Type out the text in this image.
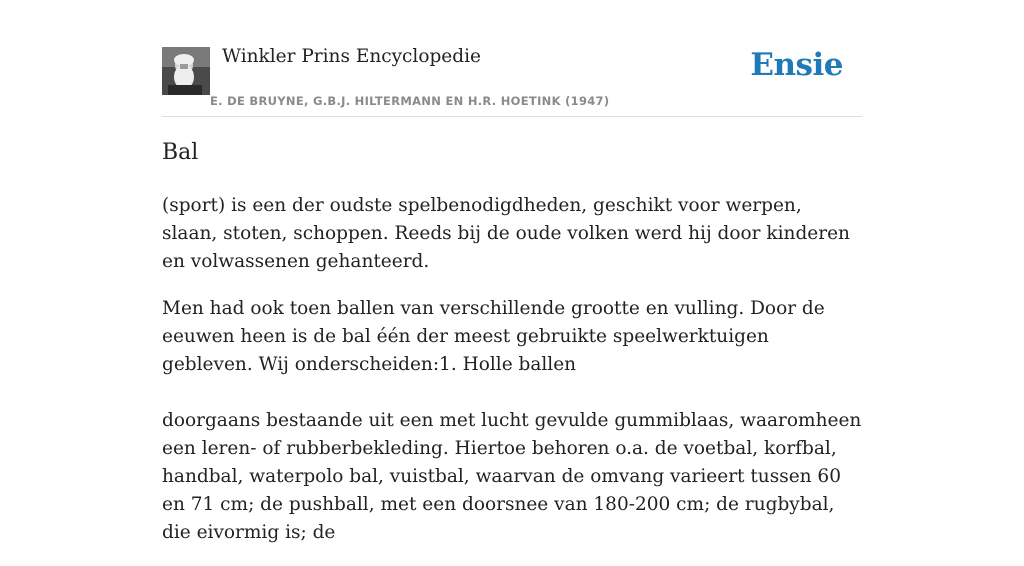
Winkler Prins Encyclopedie
E. DE BRUYNE, G.B.J. HILTERMANN EN H.R. HOETINK (1947)
Ensie
Bal

(sport) is een der oudste spelbenodigdheden, geschikt voor werpen, slaan, stoten, schoppen. Reeds bij de oude volken werd hij door kinderen en volwassenen gehanteerd.

Men had ook toen ballen van verschillende grootte en vulling. Door de eeuwen heen is de bal één der meest gebruikte speelwerktuigen gebleven. Wij onderscheiden:1. Holle ballen

doorgaans bestaande uit een met lucht gevulde gummiblaas, waaromheen een leren- of rubberbekleding. Hiertoe behoren o.a. de voetbal, korfbal, handbal, waterpolo bal, vuistbal, waarvan de omvang varieert tussen 60 en 71 cm; de pushball, met een doorsnee van 180-200 cm; de rugbybal, die eivormig is; de
